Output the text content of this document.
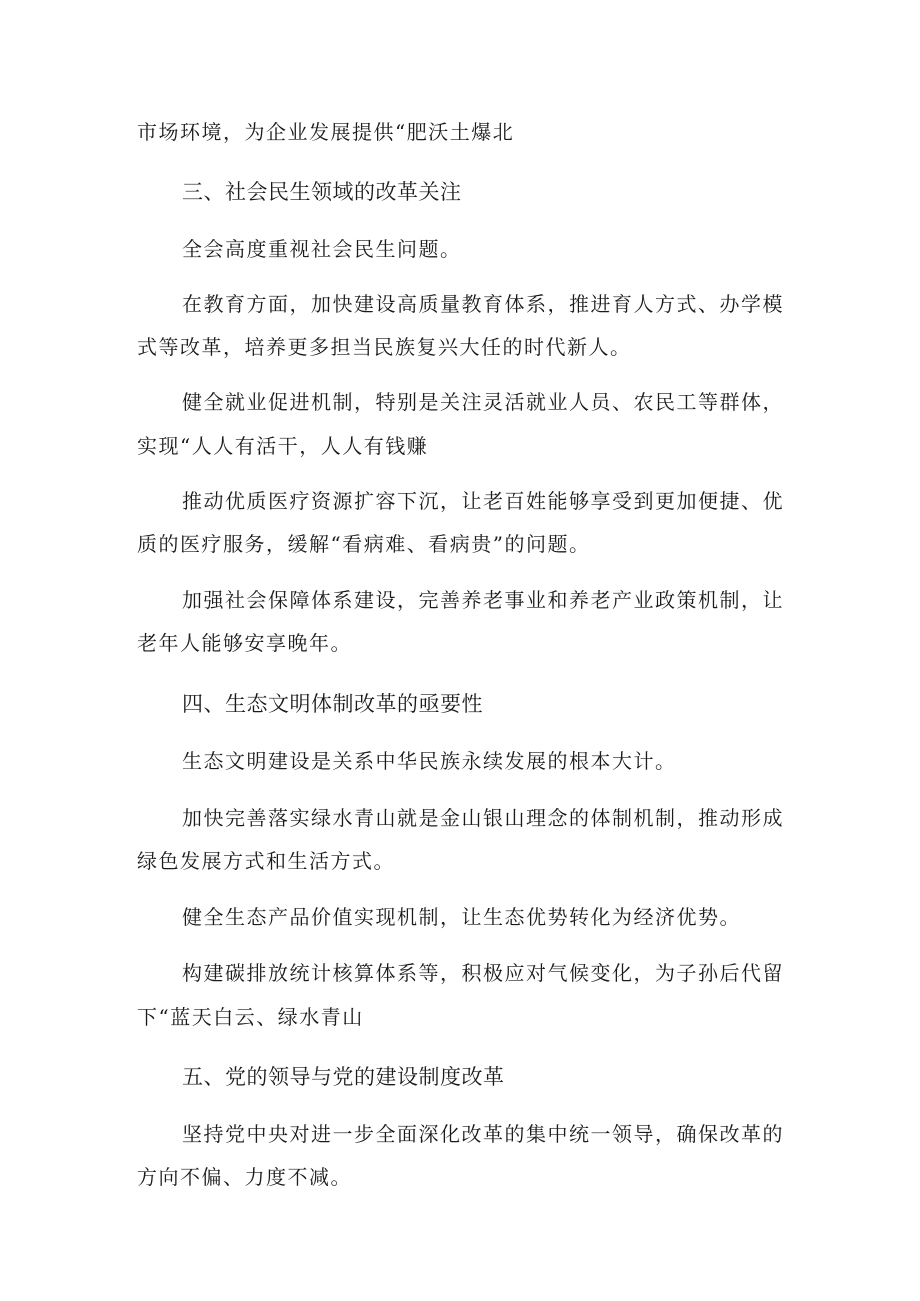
市场环境，为企业发展提供“肥沃土爆北
三、社会民生领域的改革关注
全会高度重视社会民生问题。
在教育方面，加快建设高质量教育体系，推进育人方式、办学模
式等改革，培养更多担当民族复兴大任的时代新人。
健全就业促进机制，特别是关注灵活就业人员、农民工等群体，
实现“人人有活干，人人有钱赚
推动优质医疗资源扩容下沉，让老百姓能够享受到更加便捷、优
质的医疗服务，缓解“看病难、看病贵”的问题。
加强社会保障体系建设，完善养老事业和养老产业政策机制，让
老年人能够安享晚年。
四、生态文明体制改革的亟要性
生态文明建设是关系中华民族永续发展的根本大计。
加快完善落实绿水青山就是金山银山理念的体制机制，推动形成
绿色发展方式和生活方式。
健全生态产品价值实现机制，让生态优势转化为经济优势。
构建碳排放统计核算体系等，积极应对气候变化，为子孙后代留
下“蓝天白云、绿水青山
五、党的领导与党的建设制度改革
坚持党中央对进一步全面深化改革的集中统一领导，确保改革的
方向不偏、力度不减。
